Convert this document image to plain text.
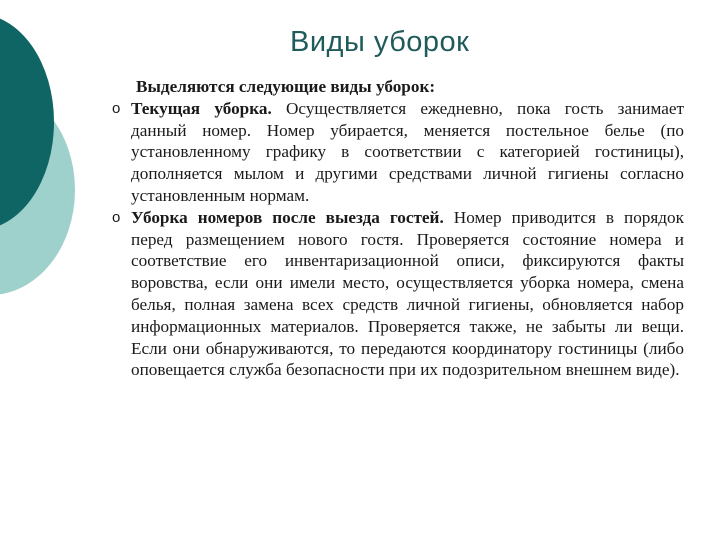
Виды уборок

Выделяются следующие виды уборок:

o Текущая уборка. Осуществляется ежедневно, пока гость занимает данный номер. Номер убирается, меняется постельное белье (по установленному графику в соответствии с категорией гостиницы), дополняется мылом и другими средствами личной гигиены согласно установленным нормам.
o Уборка номеров после выезда гостей. Номер приводится в порядок перед размещением нового гостя. Проверяется состояние номера и соответствие его инвентаризационной описи, фиксируются факты воровства, если они имели место, осуществляется уборка номера, смена белья, полная замена всех средств личной гигиены, обновляется набор информационных материалов. Проверяется также, не забыты ли вещи. Если они обнаруживаются, то передаются координатору гостиницы (либо оповещается служба безопасности при их подозрительном внешнем виде).
